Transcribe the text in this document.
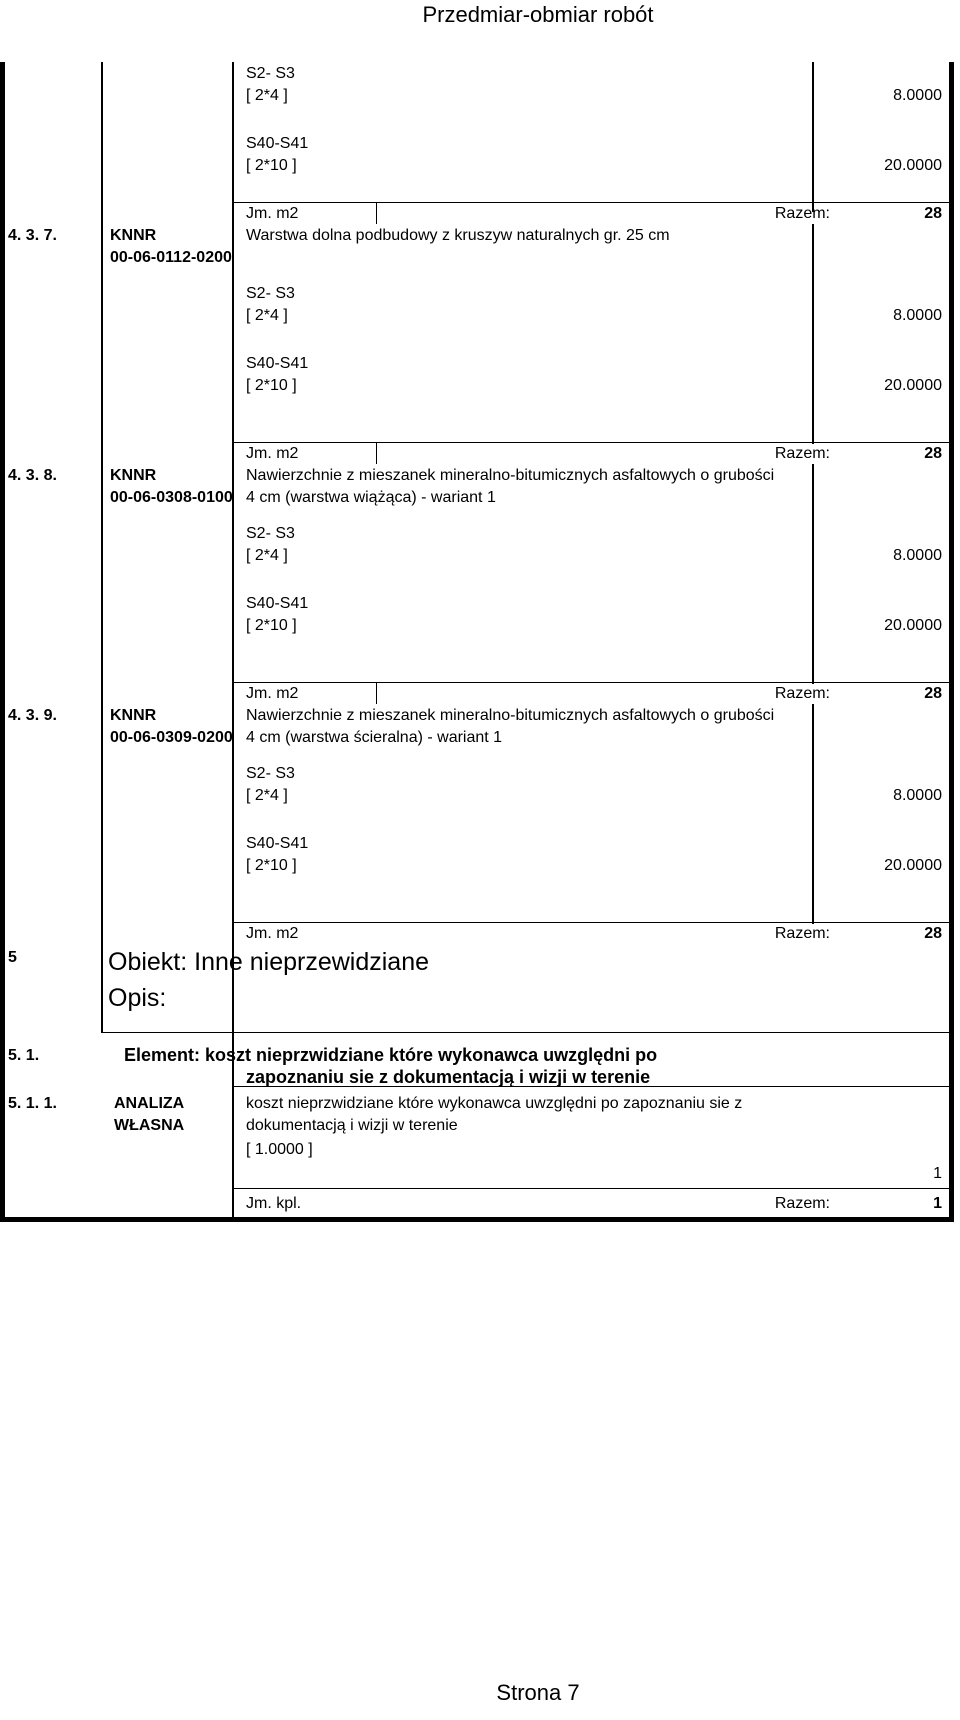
Przedmiar-obmiar robót
S2- S3
[ 2*4 ]	8.0000
S40-S41
[ 2*10 ]	20.0000
Jm. m2	Razem:	28
4. 3. 7.	KNNR
00-06-0112-0200
Warstwa dolna podbudowy z kruszyw naturalnych gr. 25 cm
S2- S3
[ 2*4 ]	8.0000
S40-S41
[ 2*10 ]	20.0000
Jm. m2	Razem:	28
4. 3. 8.	KNNR
00-06-0308-0100
Nawierzchnie z mieszanek mineralno-bitumicznych asfaltowych o grubości
4 cm (warstwa wiążąca) - wariant 1
S2- S3
[ 2*4 ]	8.0000
S40-S41
[ 2*10 ]	20.0000
Jm. m2	Razem:	28
4. 3. 9.	KNNR
00-06-0309-0200
Nawierzchnie z mieszanek mineralno-bitumicznych asfaltowych o grubości
4 cm (warstwa ścieralna) - wariant 1
S2- S3
[ 2*4 ]	8.0000
S40-S41
[ 2*10 ]	20.0000
Jm. m2	Razem:	28
5	Obiekt: Inne nieprzewidziane
Opis:
5. 1.	Element: koszt nieprzwidziane które wykonawca uwzględni po
zapoznaniu sie z dokumentacją i wizji w terenie
5. 1. 1.	ANALIZA
WŁASNA
koszt nieprzwidziane które wykonawca uwzględni po zapoznaniu sie z
dokumentacją i wizji w terenie
[ 1.0000 ]
1
Jm. kpl.	Razem:	1
Strona 7
